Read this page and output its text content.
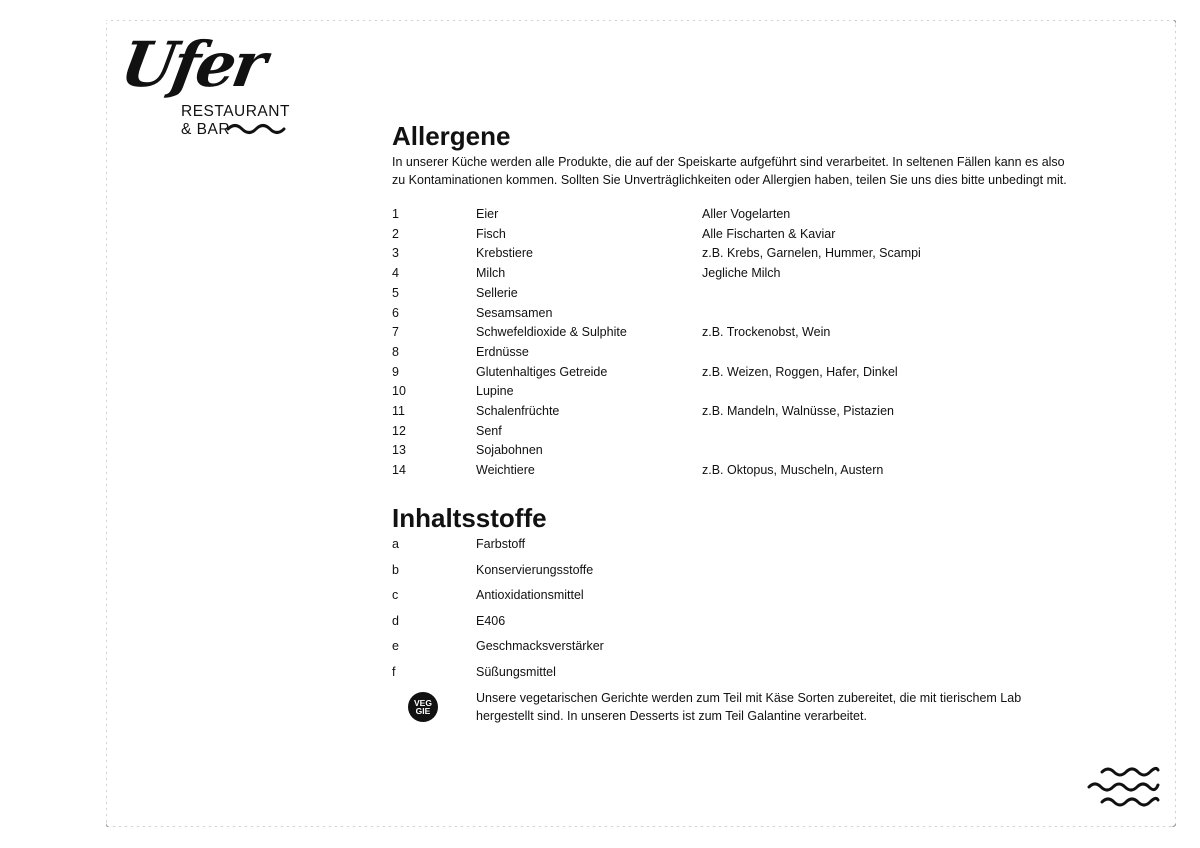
Ufer
RESTAURANT
& BAR	Allergene

In unserer Küche werden alle Produkte, die auf der Speiskarte aufgeführt sind verarbeitet. In seltenen Fällen kann es also zu Kontaminationen kommen. Sollten Sie Unverträglichkeiten oder Allergien haben, teilen Sie uns dies bitte unbedingt mit.

1	Eier	Aller Vogelarten
2	Fisch	Alle Fischarten & Kaviar
3	Krebstiere	z.B. Krebs, Garnelen, Hummer, Scampi
4	Milch	Jegliche Milch
5	Sellerie
6	Sesamsamen
7	Schwefeldioxide & Sulphite	z.B. Trockenobst, Wein
8	Erdnüsse
9	Glutenhaltiges Getreide	z.B. Weizen, Roggen, Hafer, Dinkel
10	Lupine
11	Schalenfrüchte	z.B. Mandeln, Walnüsse, Pistazien
12	Senf
13	Sojabohnen
14	Weichtiere	z.B. Oktopus, Muscheln, Austern
Inhaltsstoffe
a	Farbstoff
b	Konservierungsstoffe
c	Antioxidationsmittel
d	E406
e	Geschmacksverstärker
f	Süßungsmittel
VEG
GIE

Unsere vegetarischen Gerichte werden zum Teil mit Käse Sorten zubereitet, die mit tierischem Lab hergestellt sind. In unseren Desserts ist zum Teil Galantine verarbeitet.
